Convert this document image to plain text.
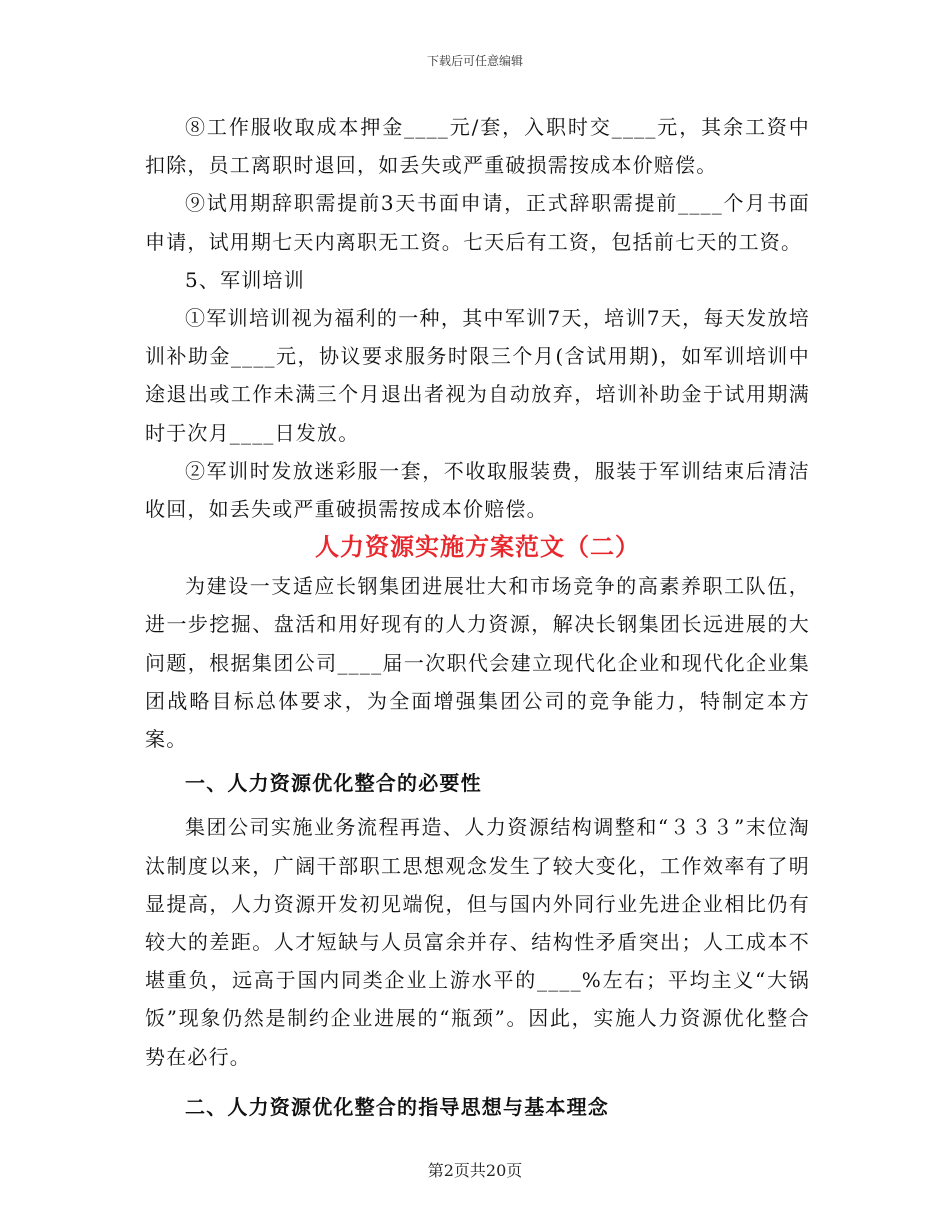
下载后可任意编辑

⑧工作服收取成本押金____元/套，入职时交____元，其余工资中扣除，员工离职时退回，如丢失或严重破损需按成本价赔偿。

⑨试用期辞职需提前3天书面申请，正式辞职需提前____个月书面申请，试用期七天内离职无工资。七天后有工资，包括前七天的工资。

5、军训培训

①军训培训视为福利的一种，其中军训7天，培训7天，每天发放培训补助金____元，协议要求服务时限三个月(含试用期)，如军训培训中途退出或工作未满三个月退出者视为自动放弃，培训补助金于试用期满时于次月____日发放。

②军训时发放迷彩服一套，不收取服装费，服装于军训结束后清洁收回，如丢失或严重破损需按成本价赔偿。

人力资源实施方案范文（二）

为建设一支适应长钢集团进展壮大和市场竞争的高素养职工队伍，进一步挖掘、盘活和用好现有的人力资源，解决长钢集团长远进展的大问题，根据集团公司____届一次职代会建立现代化企业和现代化企业集团战略目标总体要求，为全面增强集团公司的竞争能力，特制定本方案。

一、人力资源优化整合的必要性

集团公司实施业务流程再造、人力资源结构调整和“３３３”末位淘汰制度以来，广阔干部职工思想观念发生了较大变化，工作效率有了明显提高，人力资源开发初见端倪，但与国内外同行业先进企业相比仍有较大的差距。人才短缺与人员富余并存、结构性矛盾突出；人工成本不堪重负，远高于国内同类企业上游水平的____%左右；平均主义“大锅饭”现象仍然是制约企业进展的“瓶颈”。因此，实施人力资源优化整合势在必行。

二、人力资源优化整合的指导思想与基本理念

第2页共20页
